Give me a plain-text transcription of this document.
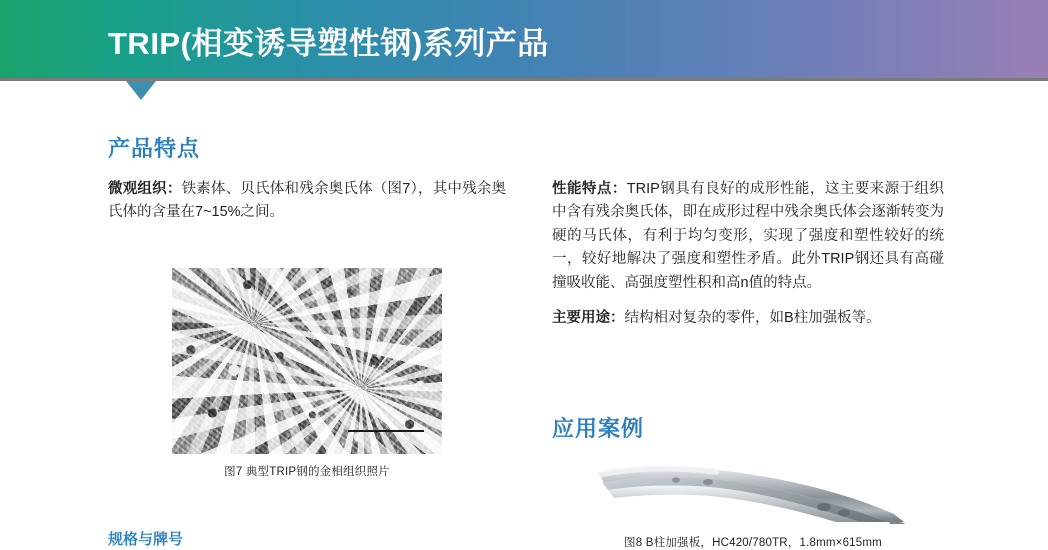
TRIP(相变诱导塑性钢)系列产品
产品特点

微观组织：铁素体、贝氏体和残余奥氏体（图7），其中残余奥氏体的含量在7~15%之间。

图7 典型TRIP钢的金相组织照片

性能特点：TRIP钢具有良好的成形性能，这主要来源于组织中含有残余奥氏体，即在成形过程中残余奥氏体会逐渐转变为硬的马氏体，有利于均匀变形，实现了强度和塑性较好的统一，较好地解决了强度和塑性矛盾。此外TRIP钢还具有高碰撞吸收能、高强度塑性积和高n值的特点。

主要用途：结构相对复杂的零件，如B柱加强板等。

应用案例
图8 B柱加强板，HC420/780TR，1.8mm×615mm
规格与牌号
